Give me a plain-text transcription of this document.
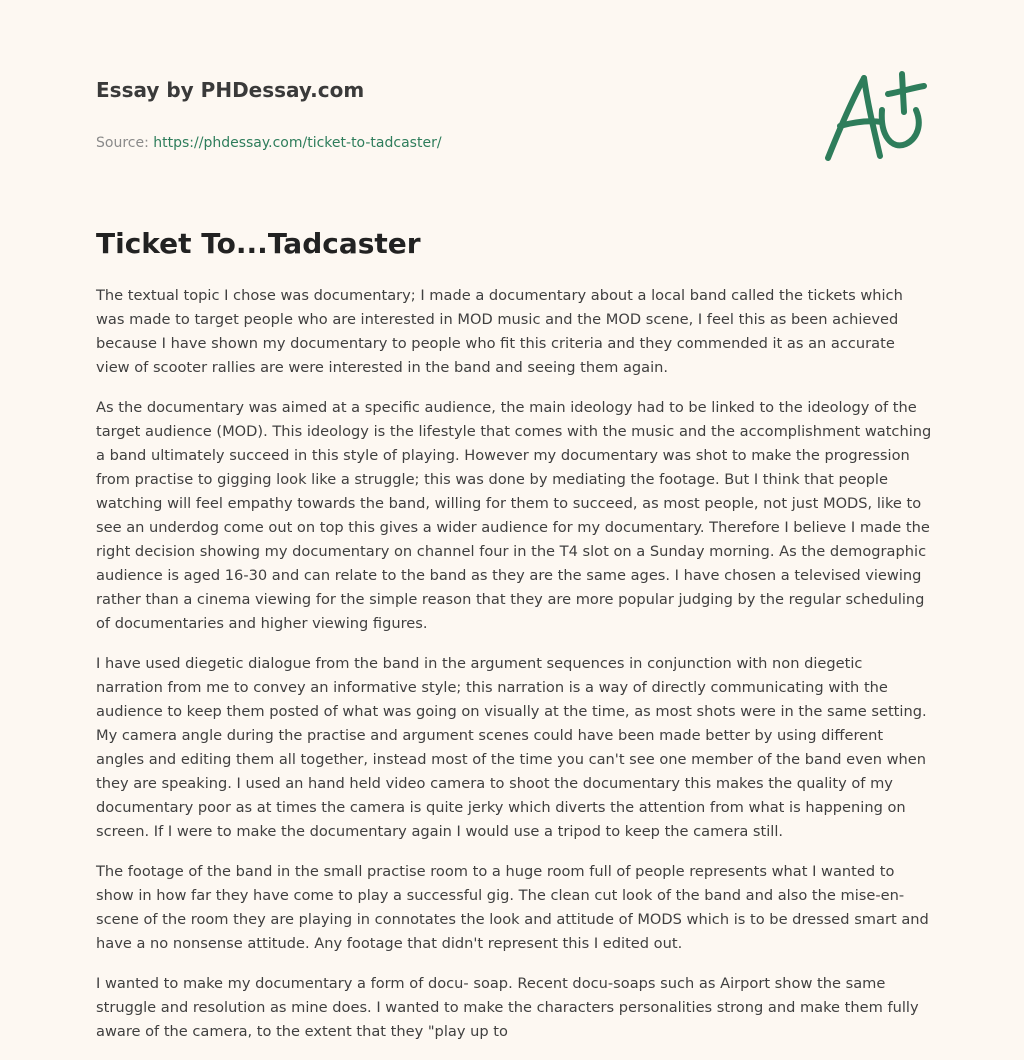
Essay by PHDessay.com
Source: https://phdessay.com/ticket-to-tadcaster/
Ticket To...Tadcaster

The textual topic I chose was documentary; I made a documentary about a local band called the tickets which was made to target people who are interested in MOD music and the MOD scene, I feel this as been achieved because I have shown my documentary to people who fit this criteria and they commended it as an accurate view of scooter rallies are were interested in the band and seeing them again.

As the documentary was aimed at a specific audience, the main ideology had to be linked to the ideology of the target audience (MOD). This ideology is the lifestyle that comes with the music and the accomplishment watching a band ultimately succeed in this style of playing. However my documentary was shot to make the progression from practise to gigging look like a struggle; this was done by mediating the footage. But I think that people watching will feel empathy towards the band, willing for them to succeed, as most people, not just MODS, like to see an underdog come out on top this gives a wider audience for my documentary. Therefore I believe I made the right decision showing my documentary on channel four in the T4 slot on a Sunday morning. As the demographic audience is aged 16-30 and can relate to the band as they are the same ages. I have chosen a televised viewing rather than a cinema viewing for the simple reason that they are more popular judging by the regular scheduling of documentaries and higher viewing figures.

I have used diegetic dialogue from the band in the argument sequences in conjunction with non diegetic narration from me to convey an informative style; this narration is a way of directly communicating with the audience to keep them posted of what was going on visually at the time, as most shots were in the same setting. My camera angle during the practise and argument scenes could have been made better by using different angles and editing them all together, instead most of the time you can't see one member of the band even when they are speaking. I used an hand held video camera to shoot the documentary this makes the quality of my documentary poor as at times the camera is quite jerky which diverts the attention from what is happening on screen. If I were to make the documentary again I would use a tripod to keep the camera still.

The footage of the band in the small practise room to a huge room full of people represents what I wanted to show in how far they have come to play a successful gig. The clean cut look of the band and also the mise-en-scene of the room they are playing in connotates the look and attitude of MODS which is to be dressed smart and have a no nonsense attitude. Any footage that didn't represent this I edited out.

I wanted to make my documentary a form of docu- soap. Recent docu-soaps such as Airport show the same struggle and resolution as mine does. I wanted to make the characters personalities strong and make them fully aware of the camera, to the extent that they "play up to
